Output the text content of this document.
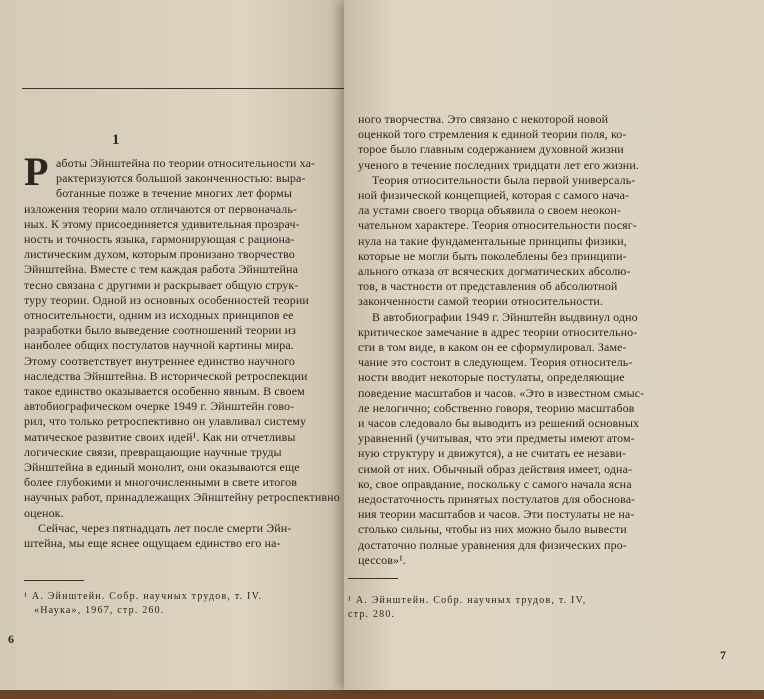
1
Р аботы Эйнштейна по теории относительности ха-
рактеризуются большой законченностью: выра-
ботанные позже в течение многих лет формы
изложения теории мало отличаются от первоначаль-
ных. К этому присоединяется удивительная прозрач-
ность и точность языка, гармонирующая с рациона-
листическим духом, которым пронизано творчество
Эйнштейна. Вместе с тем каждая работа Эйнштейна
тесно связана с другими и раскрывает общую струк-
туру теории. Одной из основных особенностей теории
относительности, одним из исходных принципов ее
разработки было выведение соотношений теории из
наиболее общих постулатов научной картины мира.
Этому соответствует внутреннее единство научного
наследства Эйнштейна. В исторической ретроспекции
такое единство оказывается особенно явным. В своем
автобиографическом очерке 1949 г. Эйнштейн гово-
рил, что только ретроспективно он улавливал систему
матическое развитие своих идей¹. Как ни отчетливы
логические связи, превращающие научные труды
Эйнштейна в единый монолит, они оказываются еще
более глубокими и многочисленными в свете итогов
научных работ, принадлежащих Эйнштейну ретроспективно
оценок.
Сейчас, через пятнадцать лет после смерти Эйн-
штейна, мы еще яснее ощущаем единство его на-
¹ А. Эйнштейн. Собр. научных трудов, т. IV.
«Наука», 1967, стр. 260.
6
ного творчества. Это связано с некоторой новой
оценкой того стремления к единой теории поля, ко-
торое было главным содержанием духовной жизни
ученого в течение последних тридцати лет его жизни.
Теория относительности была первой универсаль-
ной физической концепцией, которая с самого нача-
ла устами своего творца объявила о своем неокон-
чательном характере. Теория относительности посяг-
нула на такие фундаментальные принципы физики,
которые не могли быть поколеблены без принципи-
ального отказа от всяческих догматических абсолю-
тов, в частности от представления об абсолютной
законченности самой теории относительности.
В автобиографии 1949 г. Эйнштейн выдвинул одно
критическое замечание в адрес теории относительно-
сти в том виде, в каком он ее сформулировал. Заме-
чание это состоит в следующем. Теория относитель-
ности вводит некоторые постулаты, определяющие
поведение масштабов и часов. «Это в известном смыс-
ле нелогично; собственно говоря, теорию масштабов
и часов следовало бы выводить из решений основных
уравнений (учитывая, что эти предметы имеют атом-
ную структуру и движутся), а не считать ее незави-
симой от них. Обычный образ действия имеет, одна-
ко, свое оправдание, поскольку с самого начала ясна
недостаточность принятых постулатов для обоснова-
ния теории масштабов и часов. Эти постулаты не на-
столько сильны, чтобы из них можно было вывести
достаточно полные уравнения для физических про-
цессов»¹.
¹ А. Эйнштейн. Собр. научных трудов, т. IV,
стр. 280.
7
